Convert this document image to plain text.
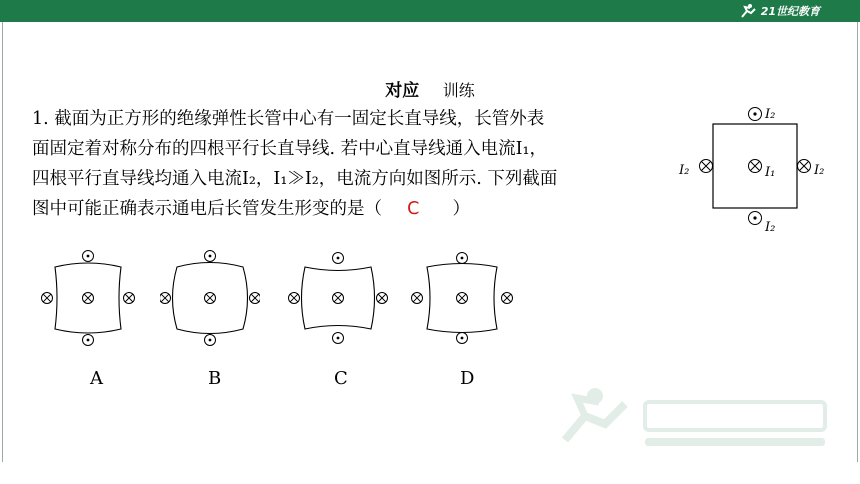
21世纪教育
对应 训练
1. 截面为正方形的绝缘弹性长管中心有一固定长直导线，长管外表
面固定着对称分布的四根平行长直导线. 若中心直导线通入电流I₁，
四根平行直导线均通入电流I₂，I₁≫I₂，电流方向如图所示. 下列截面
图中可能正确表示通电后长管发生形变的是（ C ）
I₂
I₂	I₁	I₂
I₂
A	B	C	D
